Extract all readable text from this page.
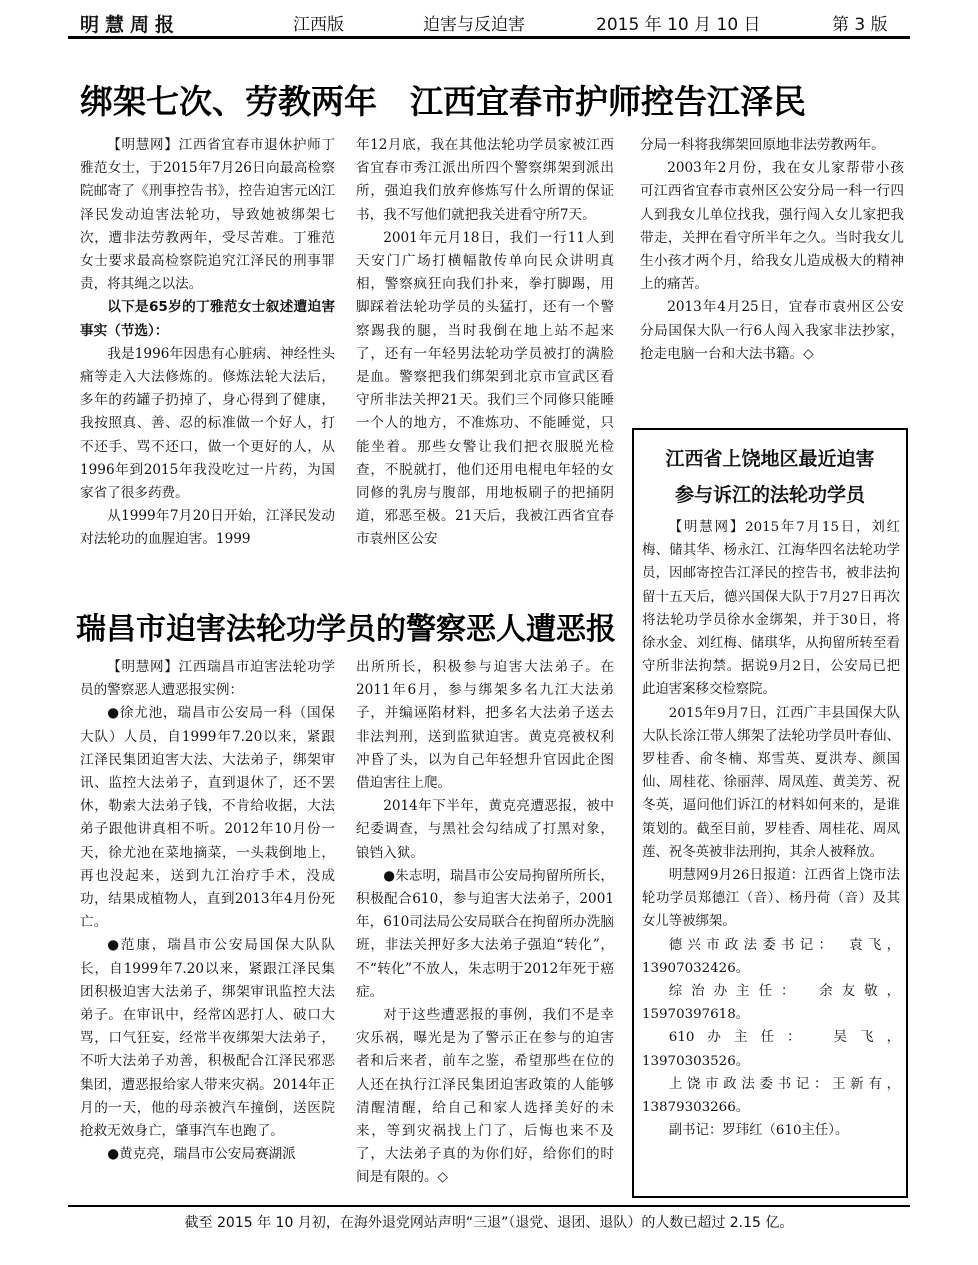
明慧周报	江西版	迫害与反迫害	2015 年 10 月 10 日	第 3 版
绑架七次、劳教两年　江西宜春市护师控告江泽民

【明慧网】江西省宜春市退休护师丁雅范女士，于2015年7月26日向最高检察院邮寄了《刑事控告书》，控告迫害元凶江泽民发动迫害法轮功，导致她被绑架七次，遭非法劳教两年，受尽苦难。丁雅范女士要求最高检察院追究江泽民的刑事罪责，将其绳之以法。

以下是65岁的丁雅范女士叙述遭迫害事实（节选）：

我是1996年因患有心脏病、神经性头痛等走入大法修炼的。修炼法轮大法后，多年的药罐子扔掉了，身心得到了健康，我按照真、善、忍的标准做一个好人，打不还手、骂不还口，做一个更好的人，从1996年到2015年我没吃过一片药，为国家省了很多药费。

从1999年7月20日开始，江泽民发动对法轮功的血腥迫害。1999

年12月底，我在其他法轮功学员家被江西省宜春市秀江派出所四个警察绑架到派出所，强迫我们放弃修炼写什么所谓的保证书，我不写他们就把我关进看守所7天。

2001年元月18日，我们一行11人到天安门广场打横幅散传单向民众讲明真相，警察疯狂向我们扑来，拳打脚踢，用脚踩着法轮功学员的头猛打，还有一个警察踢我的腿，当时我倒在地上站不起来了，还有一年轻男法轮功学员被打的满脸是血。警察把我们绑架到北京市宣武区看守所非法关押21天。我们三个同修只能睡一个人的地方，不准炼功、不能睡觉，只能坐着。那些女警让我们把衣服脱光检查，不脱就打，他们还用电棍电年轻的女同修的乳房与腹部，用地板刷子的把捅阴道，邪恶至极。21天后，我被江西省宜春市袁州区公安

分局一科将我绑架回原地非法劳教两年。

2003年2月份，我在女儿家帮带小孩　可江西省宜春市袁州区公安分局一科一行四人到我女儿单位找我，强行闯入女儿家把我带走，关押在看守所半年之久。当时我女儿生小孩才两个月，给我女儿造成极大的精神上的痛苦。

2013年4月25日，宜春市袁州区公安分局国保大队一行6人闯入我家非法抄家，抢走电脑一台和大法书籍。◇

瑞昌市迫害法轮功学员的警察恶人遭恶报

【明慧网】江西瑞昌市迫害法轮功学员的警察恶人遭恶报实例：

●徐尤池，瑞昌市公安局一科（国保大队）人员，自1999年7.20以来，紧跟江泽民集团迫害大法、大法弟子，绑架审讯、监控大法弟子，直到退休了，还不罢休，勒索大法弟子钱，不肯给收据，大法弟子跟他讲真相不听。2012年10月份一天，徐尤池在菜地摘菜，一头栽倒地上，再也没起来，送到九江治疗手术，没成功，结果成植物人，直到2013年4月份死亡。

●范康，瑞昌市公安局国保大队队长，自1999年7.20以来，紧跟江泽民集团积极迫害大法弟子，绑架审讯监控大法弟子。在审讯中，经常凶恶打人、破口大骂，口气狂妄，经常半夜绑架大法弟子，不听大法弟子劝善，积极配合江泽民邪恶集团，遭恶报给家人带来灾祸。2014年正月的一天，他的母亲被汽车撞倒，送医院抢救无效身亡，肇事汽车也跑了。

●黄克亮，瑞昌市公安局赛湖派

出所所长，积极参与迫害大法弟子。在2011年6月，参与绑架多名九江大法弟子，并编诬陷材料，把多名大法弟子送去非法判刑，送到监狱迫害。黄克亮被权利冲昏了头，以为自己年轻想升官因此企图借迫害往上爬。

2014年下半年，黄克亮遭恶报，被中纪委调查，与黑社会勾结成了打黑对象，锒铛入狱。

●朱志明，瑞昌市公安局拘留所所长，积极配合610，参与迫害大法弟子，2001年，610司法局公安局联合在拘留所办洗脑班，非法关押好多大法弟子强迫“转化”，不“转化”不放人，朱志明于2012年死于癌症。

对于这些遭恶报的事例，我们不是幸灾乐祸，曝光是为了警示正在参与的迫害者和后来者，前车之鉴，希望那些在位的人还在执行江泽民集团迫害政策的人能够清醒清醒，给自己和家人选择美好的未来，等到灾祸找上门了，后悔也来不及了，大法弟子真的为你们好，给你们的时间是有限的。◇

江西省上饶地区最近迫害
参与诉江的法轮功学员

【明慧网】2015年7月15日，刘红梅、储其华、杨永江、江海华四名法轮功学员，因邮寄控告江泽民的控告书，被非法拘留十五天后，德兴国保大队于7月27日再次将法轮功学员徐水金绑架，并于30日，将徐水金、刘红梅、储琪华，从拘留所转至看守所非法拘禁。据说9月2日，公安局已把此迫害案移交检察院。

2015年9月7日，江西广丰县国保大队大队长涂江带人绑架了法轮功学员叶春仙、罗桂香、俞冬楠、郑雪英、夏洪寿、颜国仙、周桂花、徐丽萍、周凤莲、黄美芳、祝冬英，逼问他们诉江的材料如何来的，是谁策划的。截至目前，罗桂香、周桂花、周凤莲、祝冬英被非法刑拘，其余人被释放。

明慧网9月26日报道：江西省上饶市法轮功学员郑德江（音）、杨丹荷（音）及其女儿等被绑架。

德兴市政法委书记：　袁飞，13907032426。

综治办主任：　余友敬，15970397618。

610办主任：　吴飞，13970303526。

上饶市政法委书记：王新有，13879303266。

副书记：罗玮红（610主任）。

截至 2015 年 10 月初，在海外退党网站声明“三退”（退党、退团、退队）的人数已超过 2.15 亿。
